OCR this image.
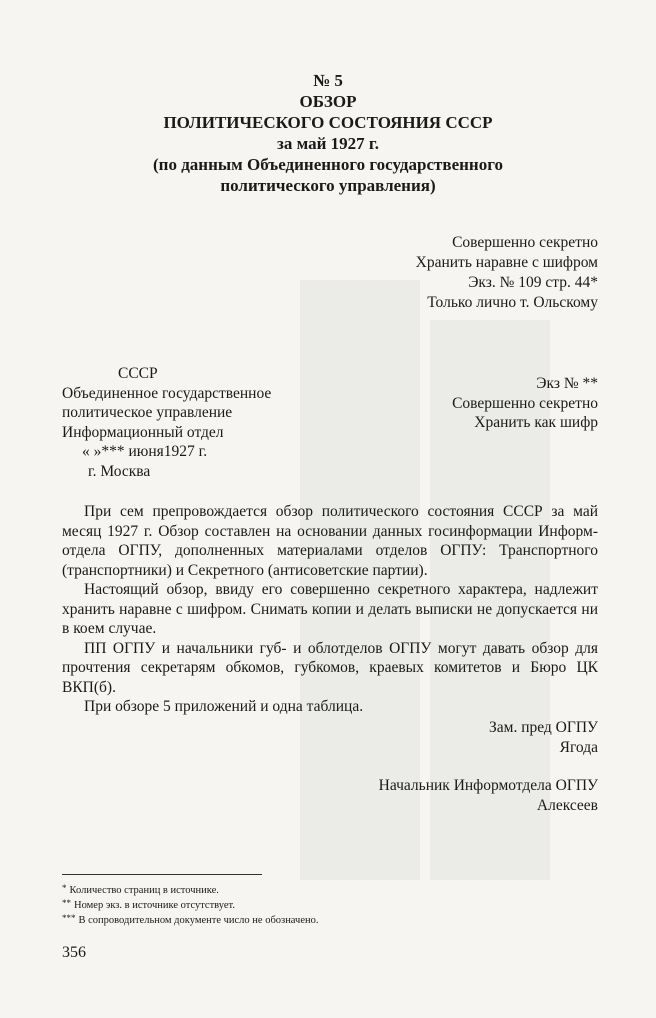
№ 5
ОБЗОР
ПОЛИТИЧЕСКОГО СОСТОЯНИЯ СССР
за май 1927 г.
(по данным Объединенного государственного
политического управления)
Совершенно секретно
Хранить наравне с шифром
Экз. № 109 стр. 44*
Только лично т. Ольскому
СССР
Объединенное государственное
политическое управление
Информационный отдел
« »*** июня1927 г.
г. Москва
Экз № **
Совершенно секретно
Хранить как шифр

При сем препровождается обзор политического состояния СССР за май месяц 1927 г. Обзор составлен на основании данных госинформации Информ-отдела ОГПУ, дополненных материалами отделов ОГПУ: Транспортного (транспортники) и Секретного (антисоветские партии).

Настоящий обзор, ввиду его совершенно секретного характера, надлежит хранить наравне с шифром. Снимать копии и делать выписки не допускается ни в коем случае.

ПП ОГПУ и начальники губ- и облотделов ОГПУ могут давать обзор для прочтения секретарям обкомов, губкомов, краевых комитетов и Бюро ЦК ВКП(б).

При обзоре 5 приложений и одна таблица.

Зам. пред ОГПУ
Ягода
Начальник Информотдела ОГПУ
Алексеев
* Количество страниц в источнике.
** Номер экз. в источнике отсутствует.
*** В сопроводительном документе число не обозначено.
356
